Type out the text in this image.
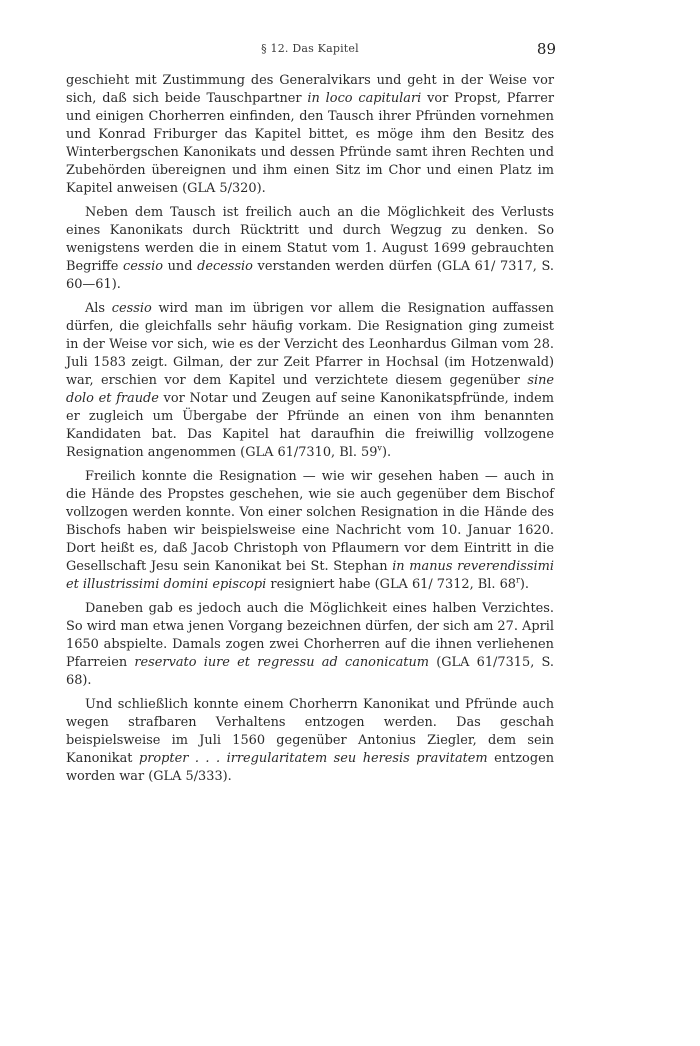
§ 12. Das Kapitel	89

geschieht mit Zustimmung des Generalvikars und geht in der Weise vor sich, daß sich beide Tauschpartner in loco capitulari vor Propst, Pfarrer und einigen Chorherren einfinden, den Tausch ihrer Pfründen vornehmen und Konrad Friburger das Kapitel bittet, es möge ihm den Besitz des Winterbergschen Kanonikats und dessen Pfründe samt ihren Rechten und Zubehörden übereignen und ihm einen Sitz im Chor und einen Platz im Kapitel anweisen (GLA 5/320).

Neben dem Tausch ist freilich auch an die Möglichkeit des Verlusts eines Kanonikats durch Rücktritt und durch Wegzug zu denken. So wenigstens werden die in einem Statut vom 1. August 1699 gebrauchten Begriffe cessio und decessio verstanden werden dürfen (GLA 61/ 7317, S. 60—61).

Als cessio wird man im übrigen vor allem die Resignation auffassen dürfen, die gleichfalls sehr häufig vorkam. Die Resignation ging zumeist in der Weise vor sich, wie es der Verzicht des Leonhardus Gilman vom 28. Juli 1583 zeigt. Gilman, der zur Zeit Pfarrer in Hochsal (im Hotzenwald) war, erschien vor dem Kapitel und verzichtete diesem gegenüber sine dolo et fraude vor Notar und Zeugen auf seine Kanonikatspfründe, indem er zugleich um Übergabe der Pfründe an einen von ihm benannten Kandidaten bat. Das Kapitel hat daraufhin die freiwillig vollzogene Resignation angenommen (GLA 61/7310, Bl. 59$^v$).

Freilich konnte die Resignation — wie wir gesehen haben — auch in die Hände des Propstes geschehen, wie sie auch gegenüber dem Bischof vollzogen werden konnte. Von einer solchen Resignation in die Hände des Bischofs haben wir beispielsweise eine Nachricht vom 10. Januar 1620. Dort heißt es, daß Jacob Christoph von Pflaumern vor dem Eintritt in die Gesellschaft Jesu sein Kanonikat bei St. Stephan in manus reverendissimi et illustrissimi domini episcopi resigniert habe (GLA 61/ 7312, Bl. 68$^r$).

Daneben gab es jedoch auch die Möglichkeit eines halben Verzichtes. So wird man etwa jenen Vorgang bezeichnen dürfen, der sich am 27. April 1650 abspielte. Damals zogen zwei Chorherren auf die ihnen verliehenen Pfarreien reservato iure et regressu ad canonicatum (GLA 61/7315, S. 68).

Und schließlich konnte einem Chorherrn Kanonikat und Pfründe auch wegen strafbaren Verhaltens entzogen werden. Das geschah beispielsweise im Juli 1560 gegenüber Antonius Ziegler, dem sein Kanonikat propter . . . irregularitatem seu heresis pravitatem entzogen worden war (GLA 5/333).
